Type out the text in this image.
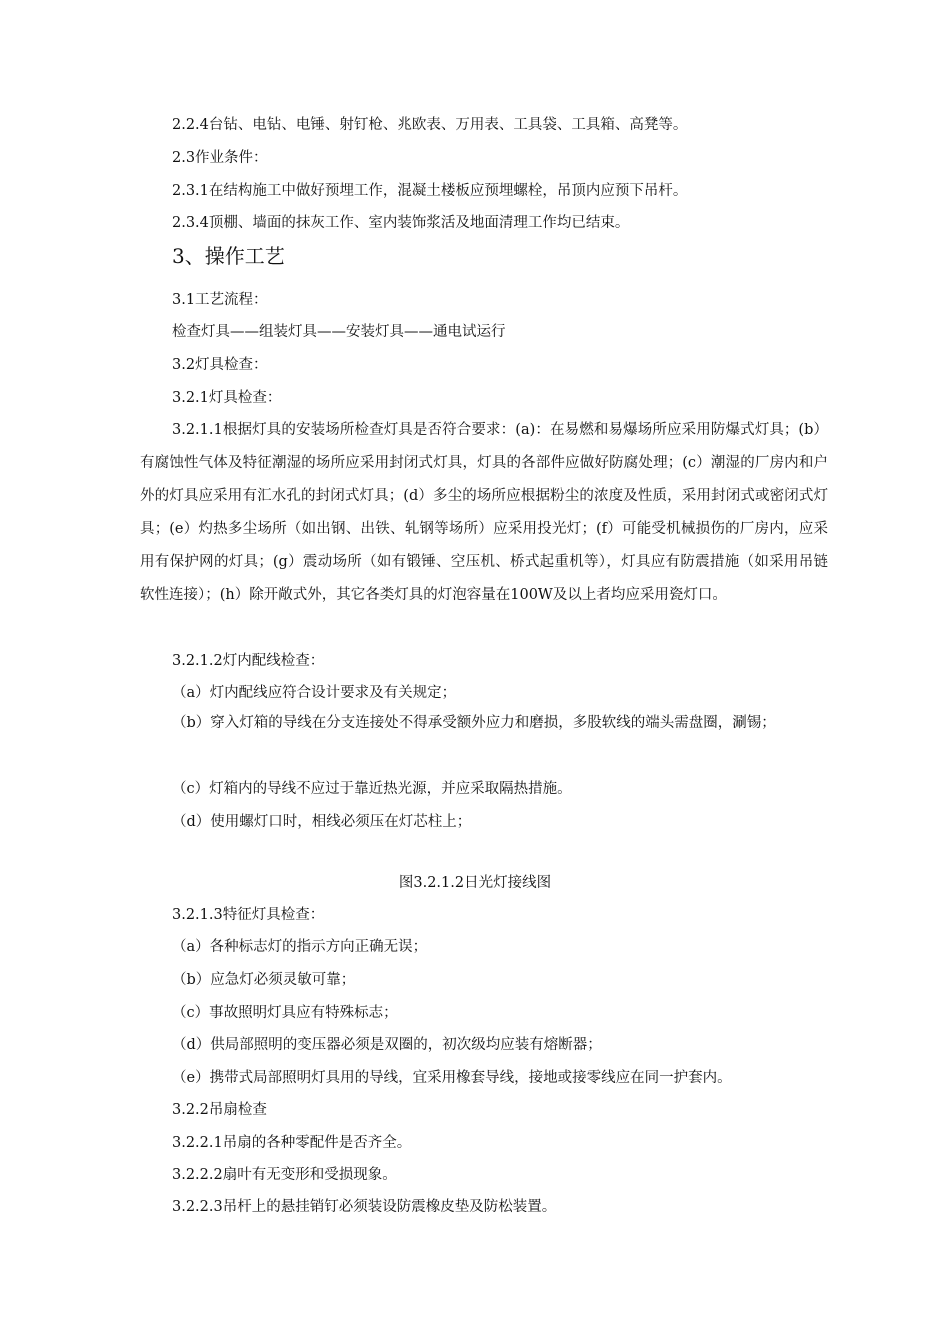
2.2.4台钻、电钻、电锤、射钉枪、兆欧表、万用表、工具袋、工具箱、高凳等。
2.3作业条件：
2.3.1在结构施工中做好预埋工作，混凝土楼板应预埋螺栓，吊顶内应预下吊杆。
2.3.4顶棚、墙面的抹灰工作、室内装饰浆活及地面清理工作均已结束。
3、操作工艺
3.1工艺流程：
检查灯具——组装灯具——安装灯具——通电试运行
3.2灯具检查：
3.2.1灯具检查：
3.2.1.1根据灯具的安装场所检查灯具是否符合要求：(a)：在易燃和易爆场所应采用防爆式灯具；(b）有腐蚀性气体及特征潮湿的场所应采用封闭式灯具，灯具的各部件应做好防腐处理；(c）潮湿的厂房内和户外的灯具应采用有汇水孔的封闭式灯具；(d）多尘的场所应根据粉尘的浓度及性质，采用封闭式或密闭式灯具；(e）灼热多尘场所（如出钢、出铁、轧钢等场所）应采用投光灯；(f）可能受机械损伤的厂房内，应采用有保护网的灯具；(g）震动场所（如有锻锤、空压机、桥式起重机等），灯具应有防震措施（如采用吊链软性连接）；(h）除开敞式外，其它各类灯具的灯泡容量在100W及以上者均应采用瓷灯口。
3.2.1.2灯内配线检查：
（a）灯内配线应符合设计要求及有关规定；
（b）穿入灯箱的导线在分支连接处不得承受额外应力和磨损，多股软线的端头需盘圈，涮锡；
（c）灯箱内的导线不应过于靠近热光源，并应采取隔热措施。
（d）使用螺灯口时，相线必须压在灯芯柱上；
图3.2.1.2日光灯接线图
3.2.1.3特征灯具检查：
（a）各种标志灯的指示方向正确无误；
（b）应急灯必须灵敏可靠；
（c）事故照明灯具应有特殊标志；
（d）供局部照明的变压器必须是双圈的，初次级均应装有熔断器；
（e）携带式局部照明灯具用的导线，宜采用橡套导线，接地或接零线应在同一护套内。
3.2.2吊扇检查
3.2.2.1吊扇的各种零配件是否齐全。
3.2.2.2扇叶有无变形和受损现象。
3.2.2.3吊杆上的悬挂销钉必须装设防震橡皮垫及防松装置。
